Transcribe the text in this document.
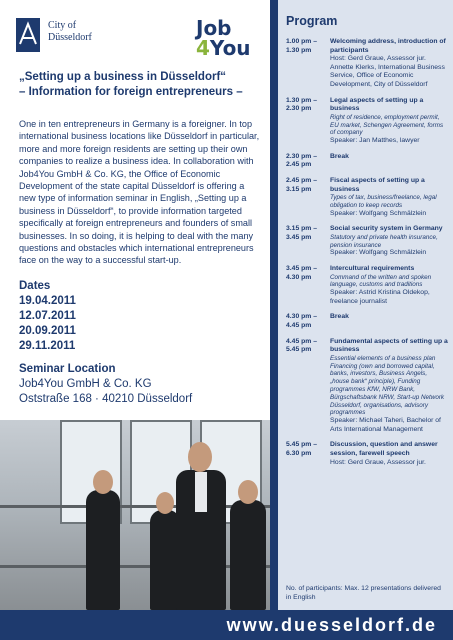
City of
Düsseldorf	Job
4You
„Setting up a business in Düsseldorf“
– Information for foreign entrepreneurs –
One in ten entrepreneurs in Germany is a foreigner. In top international business locations like Düsseldorf in particular, more and more foreign residents are setting up their own companies to realize a business idea. In collaboration with Job4You GmbH & Co. KG, the Office of Economic Development of the state capital Düsseldorf is offering a new type of information seminar in English, „Setting up a business in Düsseldorf“, to provide information targeted specifically at foreign entrepreneurs and founders of small businesses. In so doing, it is helping to deal with the many questions and obstacles which international entrepreneurs face on the way to a successful start-up.
Dates
19.04.2011
12.07.2011
20.09.2011
29.11.2011
Seminar Location
Job4You GmbH & Co. KG
Oststraße 168 · 40210 Düsseldorf
Program
1.00 pm – 1.30 pm
Welcoming address, introduction of participants
Host: Gerd Graue, Assessor jur. Annette Klerks, International Business Service, Office of Economic Development, City of Düsseldorf
1.30 pm – 2.30 pm
Legal aspects of setting up a business
Right of residence, employment permit, EU market, Schengen Agreement, forms of company
Speaker: Jan Matthes, lawyer
2.30 pm – 2.45 pm
Break
2.45 pm – 3.15 pm
Fiscal aspects of setting up a business
Types of tax, business/freelance, legal obligation to keep records
Speaker: Wolfgang Schmälzlein
3.15 pm – 3.45 pm
Social security system in Germany
Statutory and private health insurance, pension insurance
Speaker: Wolfgang Schmälzlein
3.45 pm – 4.30 pm
Intercultural requirements
Command of the written and spoken language, customs and traditions
Speaker: Astrid Kristina Oldekop, freelance journalist
4.30 pm – 4.45 pm
Break
4.45 pm – 5.45 pm
Fundamental aspects of setting up a business
Essential elements of a business plan Financing (own and borrowed capital, banks, investors, Business Angels, „house bank“ principle), Funding programmes KfW, NRW Bank, Bürgschaftsbank NRW, Start-up Network Düsseldorf, organisations, advisory programmes
Speaker: Michael Taheri, Bachelor of Arts International Management
5.45 pm – 6.30 pm
Discussion, question and answer session, farewell speech
Host: Gerd Graue, Assessor jur.
No. of participants: Max. 12 presentations delivered in English
www.duesseldorf.de
